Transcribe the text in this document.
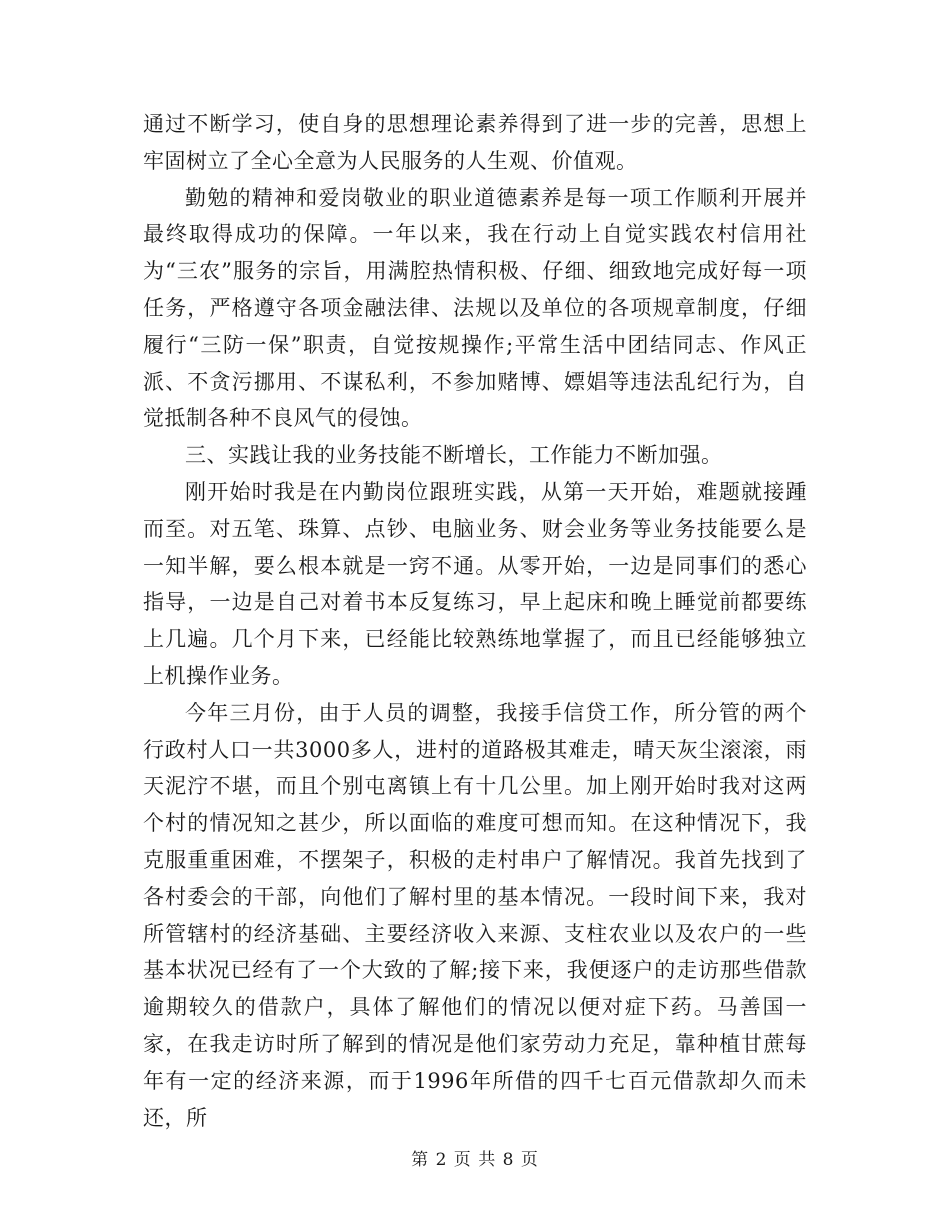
通过不断学习，使自身的思想理论素养得到了进一步的完善，思想上牢固树立了全心全意为人民服务的人生观、价值观。

勤勉的精神和爱岗敬业的职业道德素养是每一项工作顺利开展并最终取得成功的保障。一年以来，我在行动上自觉实践农村信用社为“三农”服务的宗旨，用满腔热情积极、仔细、细致地完成好每一项任务，严格遵守各项金融法律、法规以及单位的各项规章制度，仔细履行“三防一保”职责，自觉按规操作;平常生活中团结同志、作风正派、不贪污挪用、不谋私利，不参加赌博、嫖娼等违法乱纪行为，自觉抵制各种不良风气的侵蚀。

三、实践让我的业务技能不断增长，工作能力不断加强。

刚开始时我是在内勤岗位跟班实践，从第一天开始，难题就接踵而至。对五笔、珠算、点钞、电脑业务、财会业务等业务技能要么是一知半解，要么根本就是一窍不通。从零开始，一边是同事们的悉心指导，一边是自己对着书本反复练习，早上起床和晚上睡觉前都要练上几遍。几个月下来，已经能比较熟练地掌握了，而且已经能够独立上机操作业务。

今年三月份，由于人员的调整，我接手信贷工作，所分管的两个行政村人口一共3000多人，进村的道路极其难走，晴天灰尘滚滚，雨天泥泞不堪，而且个别屯离镇上有十几公里。加上刚开始时我对这两个村的情况知之甚少，所以面临的难度可想而知。在这种情况下，我克服重重困难，不摆架子，积极的走村串户了解情况。我首先找到了各村委会的干部，向他们了解村里的基本情况。一段时间下来，我对所管辖村的经济基础、主要经济收入来源、支柱农业以及农户的一些基本状况已经有了一个大致的了解;接下来，我便逐户的走访那些借款逾期较久的借款户，具体了解他们的情况以便对症下药。马善国一家，在我走访时所了解到的情况是他们家劳动力充足，靠种植甘蔗每年有一定的经济来源，而于1996年所借的四千七百元借款却久而未还，所

第 2 页 共 8 页
